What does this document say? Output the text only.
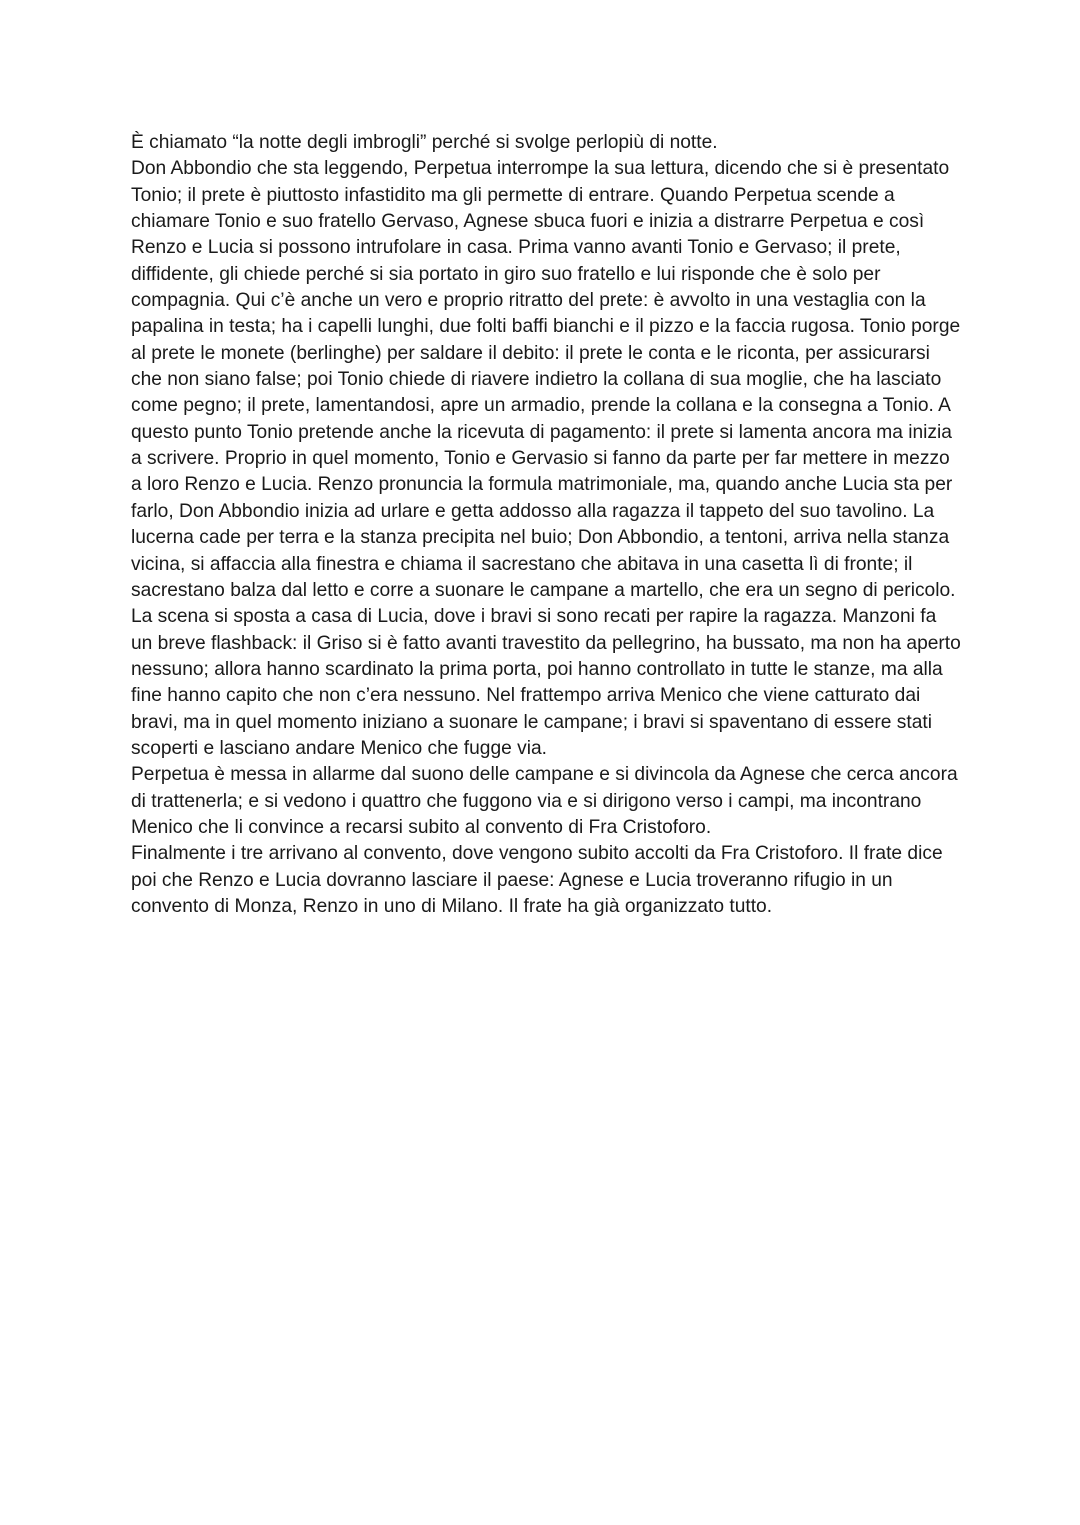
È chiamato “la notte degli imbrogli” perché si svolge perlopiù di notte.

Don Abbondio che sta leggendo, Perpetua interrompe la sua lettura, dicendo che si è presentato Tonio; il prete è piuttosto infastidito ma gli permette di entrare. Quando Perpetua scende a chiamare Tonio e suo fratello Gervaso, Agnese sbuca fuori e inizia a distrarre Perpetua e così Renzo e Lucia si possono intrufolare in casa. Prima vanno avanti Tonio e Gervaso; il prete, diffidente, gli chiede perché si sia portato in giro suo fratello e lui risponde che è solo per compagnia. Qui c’è anche un vero e proprio ritratto del prete: è avvolto in una vestaglia con la papalina in testa; ha i capelli lunghi, due folti baffi bianchi e il pizzo e la faccia rugosa. Tonio porge al prete le monete (berlinghe) per saldare il debito: il prete le conta e le riconta, per assicurarsi che non siano false; poi Tonio chiede di riavere indietro la collana di sua moglie, che ha lasciato come pegno; il prete, lamentandosi, apre un armadio, prende la collana e la consegna a Tonio. A questo punto Tonio pretende anche la ricevuta di pagamento: il prete si lamenta ancora ma inizia a scrivere. Proprio in quel momento, Tonio e Gervasio si fanno da parte per far mettere in mezzo a loro Renzo e Lucia. Renzo pronuncia la formula matrimoniale, ma, quando anche Lucia sta per farlo, Don Abbondio inizia ad urlare e getta addosso alla ragazza il tappeto del suo tavolino. La lucerna cade per terra e la stanza precipita nel buio; Don Abbondio, a tentoni, arriva nella stanza vicina, si affaccia alla finestra e chiama il sacrestano che abitava in una casetta lì di fronte; il sacrestano balza dal letto e corre a suonare le campane a martello, che era un segno di pericolo.

La scena si sposta a casa di Lucia, dove i bravi si sono recati per rapire la ragazza. Manzoni fa un breve flashback: il Griso si è fatto avanti travestito da pellegrino, ha bussato, ma non ha aperto nessuno; allora hanno scardinato la prima porta, poi hanno controllato in tutte le stanze, ma alla fine hanno capito che non c’era nessuno. Nel frattempo arriva Menico che viene catturato dai bravi, ma in quel momento iniziano a suonare le campane; i bravi si spaventano di essere stati scoperti e lasciano andare Menico che fugge via.

Perpetua è messa in allarme dal suono delle campane e si divincola da Agnese che cerca ancora di trattenerla; e si vedono i quattro che fuggono via e si dirigono verso i campi, ma incontrano Menico che li convince a recarsi subito al convento di Fra Cristoforo.

Finalmente i tre arrivano al convento, dove vengono subito accolti da Fra Cristoforo. Il frate dice poi che Renzo e Lucia dovranno lasciare il paese: Agnese e Lucia troveranno rifugio in un convento di Monza, Renzo in uno di Milano. Il frate ha già organizzato tutto.
